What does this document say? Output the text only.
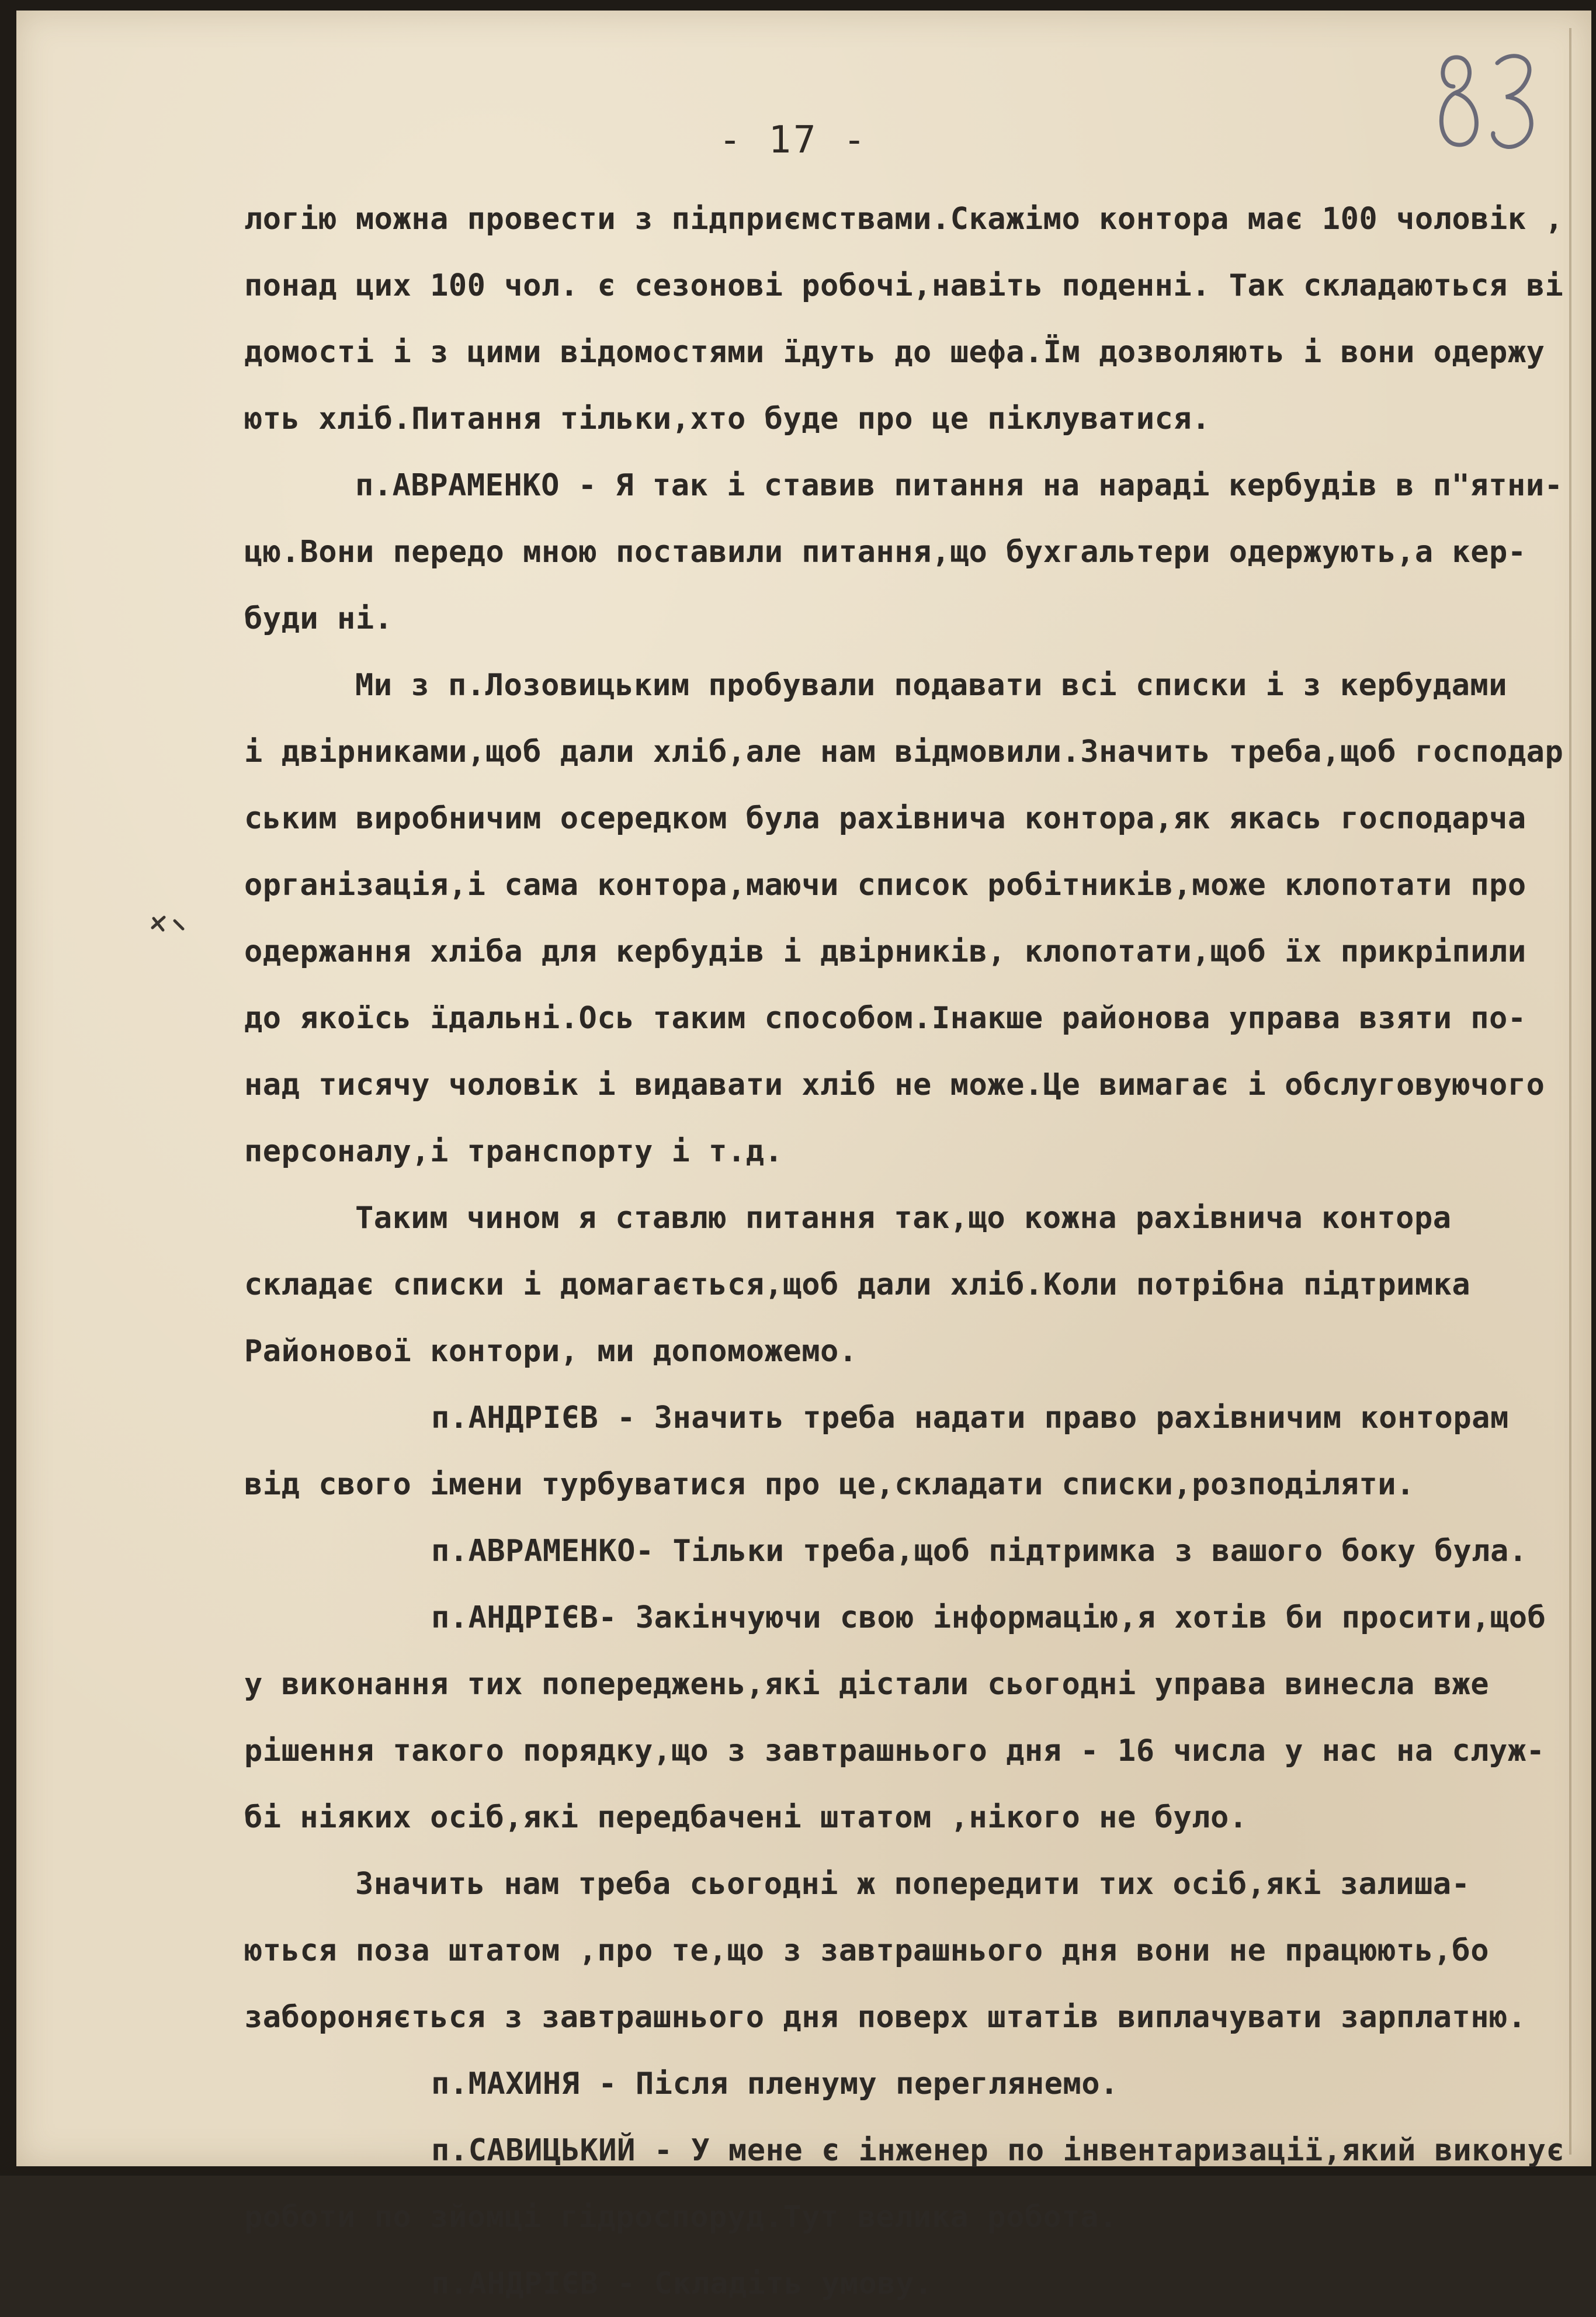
- 17 -
логію можна провести з підприємствами.Скажімо контора має 100 чоловік ,
понад цих 100 чол. є сезонові робочі,навіть поденні. Так складаються ві
домості і з цими відомостями їдуть до шефа.Їм дозволяють і вони одержу
ють хліб.Питання тільки,хто буде про це піклуватися.
п.АВРАМЕНКО - Я так і ставив питання на нараді кербудів в п"ятни-
цю.Вони передо мною поставили питання,що бухгальтери одержують,а кер-
буди ні.
Ми з п.Лозовицьким пробували подавати всі списки і з кербудами
і двірниками,щоб дали хліб,але нам відмовили.Значить треба,щоб господар
ським виробничим осередком була рахівнича контора,як якась господарча
організація,і сама контора,маючи список робітників,може клопотати про
одержання хліба для кербудів і двірників, клопотати,щоб їх прикріпили
до якоїсь їдальні.Ось таким способом.Інакше районова управа взяти по-
над тисячу чоловік і видавати хліб не може.Це вимагає і обслуговуючого
персоналу,і транспорту і т.д.
Таким чином я ставлю питання так,що кожна рахівнича контора
складає списки і домагається,щоб дали хліб.Коли потрібна підтримка
Районової контори, ми допоможемо.
п.АНДРІЄВ - Значить треба надати право рахівничим конторам
від свого імени турбуватися про це,складати списки,розподіляти.
п.АВРАМЕНКО- Тільки треба,щоб підтримка з вашого боку була.
п.АНДРІЄВ- Закінчуючи свою інформацію,я хотів би просити,щоб
у виконання тих попереджень,які дістали сьогодні управа винесла вже
рішення такого порядку,що з завтрашнього дня - 16 числа у нас на служ-
бі ніяких осіб,які передбачені штатом ,нікого не було.
Значить нам треба сьогодні ж попередити тих осіб,які залиша-
ються поза штатом ,про те,що з завтрашнього дня вони не працюють,бо
забороняється з завтрашнього дня поверх штатів виплачувати зарплатню.
п.МАХИНЯ - Після пленуму переглянемо.
п.САВИЦЬКИЙ - У мене є інженер по інвентаризації,який виконує
роботи по зйомці гідроспоруд.Тут велика робота.
п.АНДРІЄВ - Складіть умову.
